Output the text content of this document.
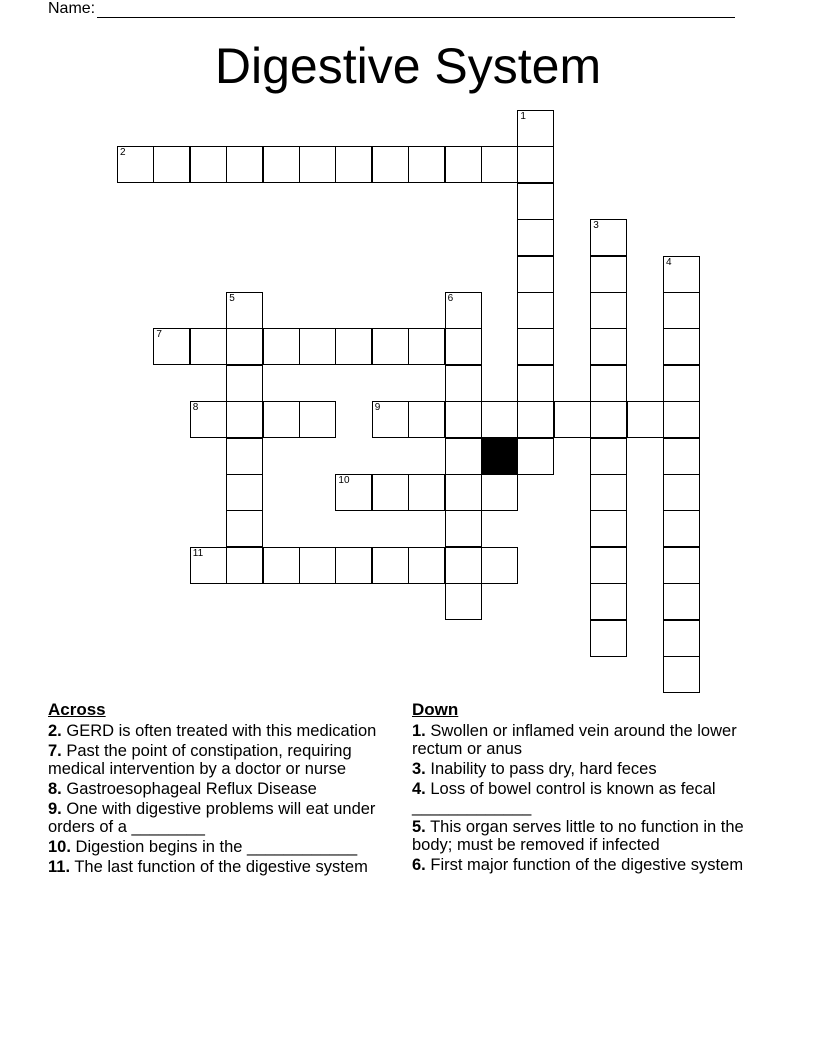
Name:
Digestive System
1
2
3
4
5	6
7
8	9
10
11
Across
2. GERD is often treated with this medication
7. Past the point of constipation, requiring medical intervention by a doctor or nurse
8. Gastroesophageal Reflux Disease
9. One with digestive problems will eat under orders of a ________
10. Digestion begins in the ____________
11. The last function of the digestive system
Down
1. Swollen or inflamed vein around the lower rectum or anus
3. Inability to pass dry, hard feces
4. Loss of bowel control is known as fecal _____________
5. This organ serves little to no function in the body; must be removed if infected
6. First major function of the digestive system
